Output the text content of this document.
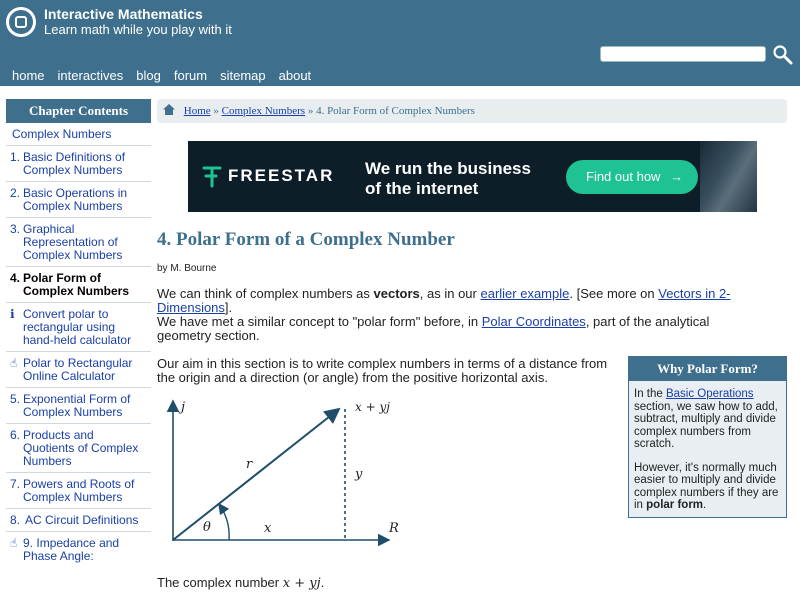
Interactive Mathematics
Learn math while you play with it
home interactives blog forum sitemap about
Chapter Contents
Complex Numbers
1. Basic Definitions of Complex Numbers
2. Basic Operations in Complex Numbers
3. Graphical Representation of Complex Numbers
4. Polar Form of Complex Numbers
ℹ Convert polar to rectangular using hand-held calculator
☝ Polar to Rectangular Online Calculator
5. Exponential Form of Complex Numbers
6. Products and Quotients of Complex Numbers
7. Powers and Roots of Complex Numbers
8. AC Circuit Definitions
☝ 9. Impedance and Phase Angle:
Home » Complex Numbers » 4. Polar Form of Complex Numbers
FREESTAR We run the business
of the internet
Find out how →
4. Polar Form of a Complex Number
by M. Bourne
We can think of complex numbers as vectors, as in our earlier example. [See more on Vectors in 2-Dimensions].
We have met a similar concept to "polar form" before, in Polar Coordinates, part of the analytical geometry section.
Our aim in this section is to write complex numbers in terms of a distance from the origin and a direction (or angle) from the positive horizontal axis.
j	x + yj
r
y
θ	x	R
The complex number x + yj.
Why Polar Form?

In the Basic Operations section, we saw how to add, subtract, multiply and divide complex numbers from scratch.

However, it's normally much easier to multiply and divide complex numbers if they are in polar form.
